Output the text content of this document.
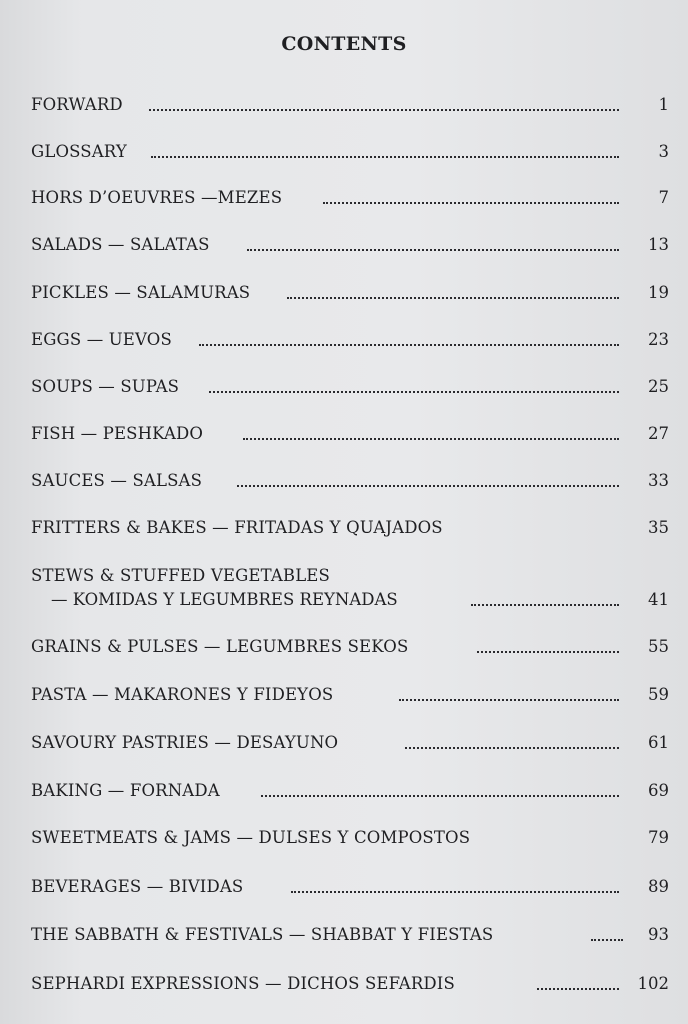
CONTENTS
FORWARD	1
GLOSSARY	3
HORS D’OEUVRES —MEZES	7
SALADS — SALATAS	13
PICKLES — SALAMURAS	19
EGGS — UEVOS	23
SOUPS — SUPAS	25
FISH — PESHKADO	27
SAUCES — SALSAS	33
FRITTERS & BAKES — FRITADAS Y QUAJADOS	35
STEWS & STUFFED VEGETABLES
— KOMIDAS Y LEGUMBRES REYNADAS	41
GRAINS & PULSES — LEGUMBRES SEKOS	55
PASTA — MAKARONES Y FIDEYOS	59
SAVOURY PASTRIES — DESAYUNO	61
BAKING — FORNADA	69
SWEETMEATS & JAMS — DULSES Y COMPOSTOS	79
BEVERAGES — BIVIDAS	89
THE SABBATH & FESTIVALS — SHABBAT Y FIESTAS	93
SEPHARDI EXPRESSIONS — DICHOS SEFARDIS	102
